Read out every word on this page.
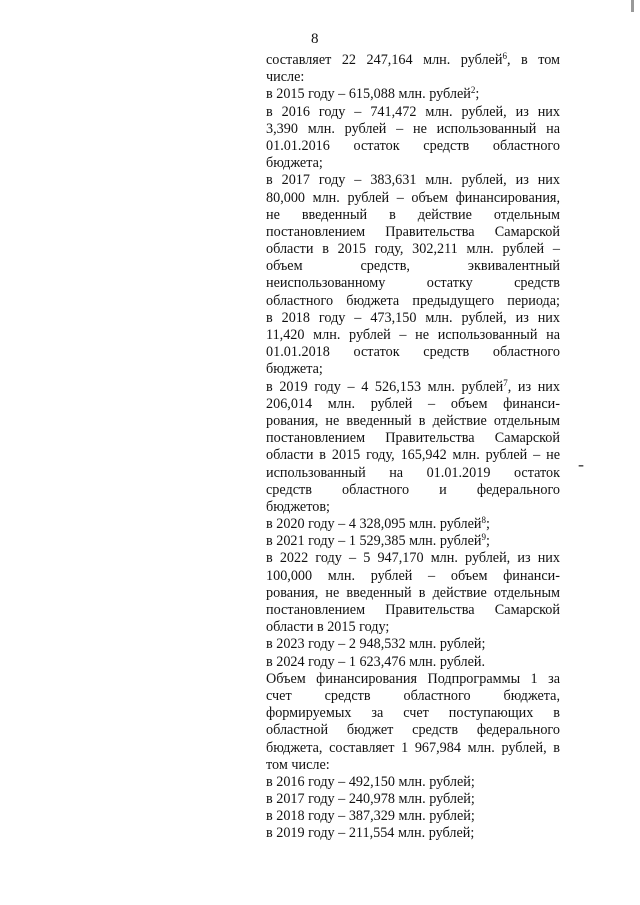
8
составляет 22 247,164 млн. рублей$^6$, в том
числе:
в 2015 году – 615,088 млн. рублей$^2$;
в 2016 году – 741,472 млн. рублей, из них
3,390 млн. рублей – не использованный на
01.01.2016 остаток средств областного
бюджета;
в 2017 году – 383,631 млн. рублей, из них
80,000 млн. рублей – объем финансирования,
не введенный в действие отдельным
постановлением Правительства Самарской
области в 2015 году, 302,211 млн. рублей –
объем средств, эквивалентный
неиспользованному остатку средств
областного бюджета предыдущего периода;
в 2018 году – 473,150 млн. рублей, из них
11,420 млн. рублей – не использованный на
01.01.2018 остаток средств областного
бюджета;
в 2019 году – 4 526,153 млн. рублей$^7$, из них
206,014 млн. рублей – объем финанси-
рования, не введенный в действие отдельным
постановлением Правительства Самарской
области в 2015 году, 165,942 млн. рублей – не
использованный на 01.01.2019 остаток
средств областного и федерального
бюджетов;
в 2020 году – 4 328,095 млн. рублей$^8$;
в 2021 году – 1 529,385 млн. рублей$^9$;
в 2022 году – 5 947,170 млн. рублей, из них
100,000 млн. рублей – объем финанси-
рования, не введенный в действие отдельным
постановлением Правительства Самарской
области в 2015 году;
в 2023 году – 2 948,532 млн. рублей;
в 2024 году – 1 623,476 млн. рублей.
Объем финансирования Подпрограммы 1 за
счет средств областного бюджета,
формируемых за счет поступающих в
областной бюджет средств федерального
бюджета, составляет 1 967,984 млн. рублей, в
том числе:
в 2016 году – 492,150 млн. рублей;
в 2017 году – 240,978 млн. рублей;
в 2018 году – 387,329 млн. рублей;
в 2019 году – 211,554 млн. рублей;
-
